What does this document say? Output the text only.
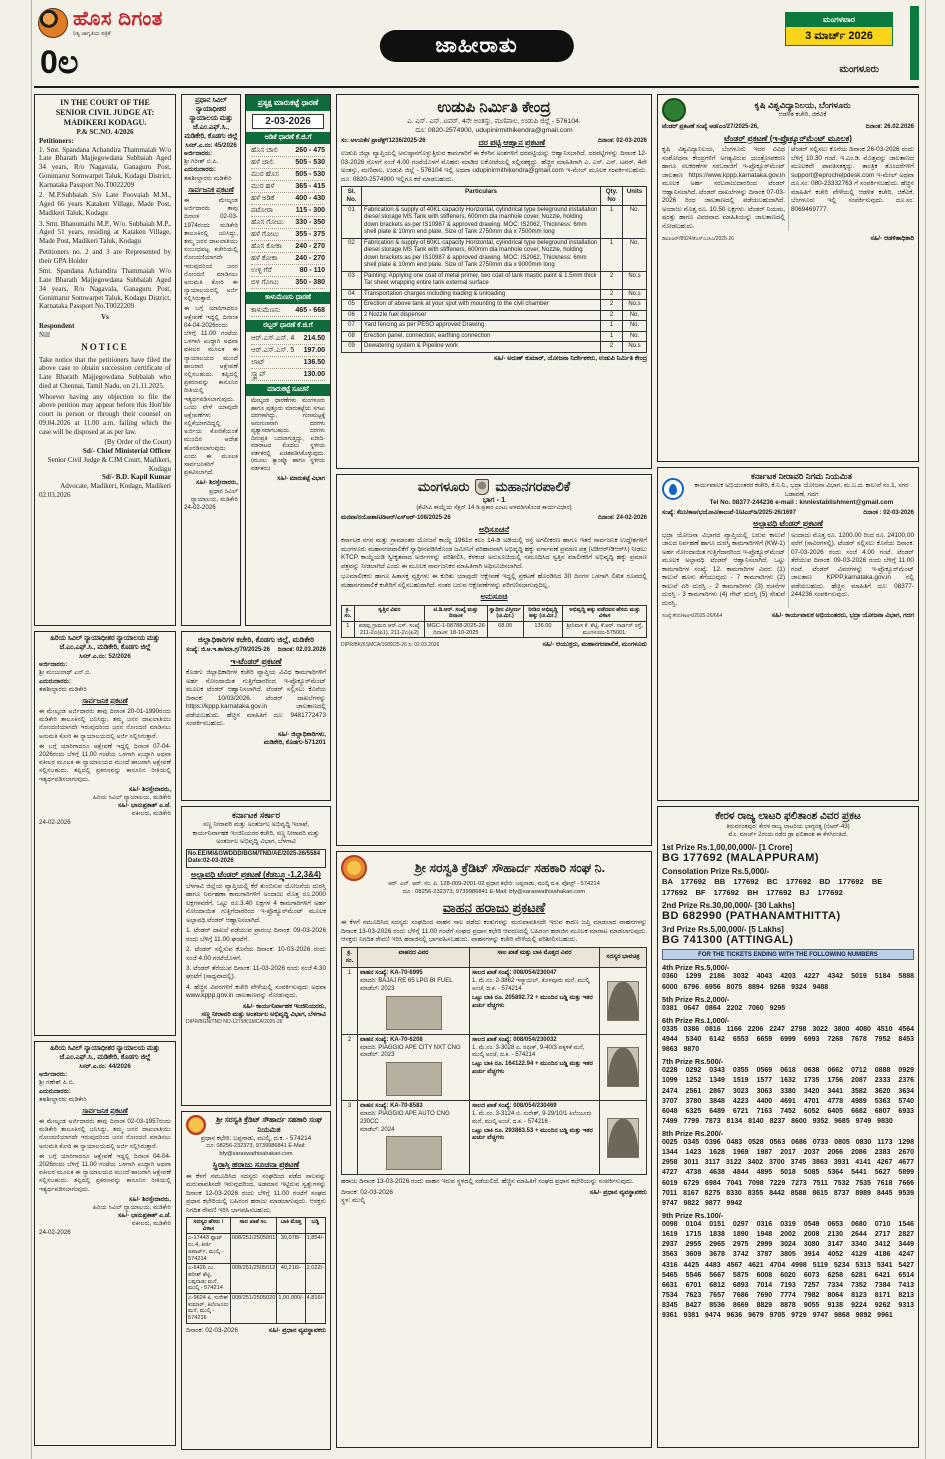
ಹೊಸ ದಿಗಂತ
ನಿತ್ಯ ಜಾಗೃತಿಯ ಪತ್ರಿಕೆ
0ಲ	ಜಾಹೀರಾತು
ಮಂಗಳವಾರ
3 ಮಾರ್ಚ್ 2026
ಮಂಗಳೂರು
IN THE COURT OF THE
SENIOR CIVIL JUDGE AT:
MADIKERI KODAGU.
P.& SC.NO. 4/2026
Petitioners:

1. Smt. Spandana Achandira Thammaiah W/o Late Bharath Majjegowdana Subbaiah Aged 34 years, R/o Nagavala, Ganaguru Post, Gonimarur Somwarpet Taluk, Kodagu District, Karnataka Passport No.T0022209

2. M.P.Subbaiah S/o Late Poovaiah M.M., Aged 66 years Kataken Village, Made Post, Madikeri Taluk, Kodagu

3. Smt. Bhanumathi M.P., W/o. Subbaiah M.P., Aged 51 years, residing at Kataken Village, Made Post, Madikeri Taluk, Kodagu

Petitioners no. 2 and 3 are Represented by their GPA Holder

Smt. Spandana Achandira Thammaiah W/o Late Bharath Majjegowdana Subbaiah Aged 34 years, R/o Nagavala, Ganaguru Post, Gonimarur Somwarpet Taluk, Kodagu District, Karnataka Passport No.T0022209

Vs
Respondent
Nill
NOTICE

Take notice that the petitioners have filed the above case to obtain succession certificate of Late Bharath Majjegowdana Subbaiah who died at Chennai, Tamil Nadu, on 21.11.2025.

Whoever having any objection to file the above petition may appear before this Hon'ble court in person or through their counsel on 09.04.2026 at 11.00 a.m. failing which the case will be disposed at as per law.

(By Order of the Court)
Sd/- Chief Ministerial Officer
Senior Civil Judge & CJM Court, Madikeri, Kodagu
Sd/- B.D. Kapil Kumar
Advocate, Madikeri, Kodagu, Madikeri
02.03.2026
ಹಿರಿಯ ಸಿವಿಲ್ ನ್ಯಾಯಾಧೀಶರ ನ್ಯಾಯಾಲಯ ಮತ್ತು ಜೆ.ಎಂ.ಎಫ್.ಸಿ., ಮಡಿಕೇರಿ, ಕೊಡಗು ಜಿಲ್ಲೆ
ಸಿಸರ್.ಎ.ನಂ: 52/2026
ಅರ್ಜಿದಾರರು:
ಶ್ರೀ ಮಂಜುನಾಥ್ ಎನ್.ಬಿ.
ಎದುರುದಾರರು:
ತಹಶೀಲ್ದಾರರು ಮಡಿಕೇರಿ
ಸಾರ್ವಜನಿಕ ಪ್ರಕಟಣೆ

ಈ ಮೇಲ್ಕಂಡ ಅರ್ಜಿದಾರರು ತಾವು ದಿನಾಂಕ 20-01-1990ರಂದು ಮಡಿಕೇರಿ ತಾಲೂಕಿನಲ್ಲಿ ಜನಿಸಿದ್ದು, ತಮ್ಮ ಜನನ ದಾಖಲಾತಿಯು ನೋಂದಣಿಯಾಗದೇ ಇರುವುದರಿಂದ ಜನನ ನೋಂದಣಿ ಮಾಡಿಸಲು ಅನುಮತಿ ಕೋರಿ ಈ ನ್ಯಾಯಾಲಯದಲ್ಲಿ ಅರ್ಜಿ ಸಲ್ಲಿಸಿರುತ್ತಾರೆ.

ಈ ಬಗ್ಗೆ ಯಾರಿಗಾದರೂ ಆಕ್ಷೇಪಣೆ ಇದ್ದಲ್ಲಿ ದಿನಾಂಕ 07-04-2026ರಂದು ಬೆಳಿಗ್ಗೆ 11.00 ಗಂಟೆಯ ಒಳಗಾಗಿ ಖುದ್ದಾಗಿ ಅಥವಾ ವಕೀಲರ ಮೂಲಕ ಈ ನ್ಯಾಯಾಲಯದ ಮುಂದೆ ಹಾಜರಾಗಿ ಆಕ್ಷೇಪಣೆ ಸಲ್ಲಿಸಬಹುದು. ತಪ್ಪಿದಲ್ಲಿ ಪ್ರಕರಣವನ್ನು ಕಾನೂನಿನ ರೀತಿಯಲ್ಲಿ ಇತ್ಯರ್ಥಪಡಿಸಲಾಗುವುದು.

ಸಹಿ/- ಶಿರಸ್ತೇದಾರರು,
ಹಿರಿಯ ಸಿವಿಲ್ ನ್ಯಾಯಾಲಯ, ಮಡಿಕೇರಿ
ಸಹಿ/- ಭಾನುಪ್ರಕಾಶ್ ಎ.ಜೆ.
ವಕೀಲರು, ಮಡಿಕೇರಿ
24-02-2026
ಹಿರಿಯ ಸಿವಿಲ್ ನ್ಯಾಯಾಧೀಶರ ನ್ಯಾಯಾಲಯ ಮತ್ತು ಜೆ.ಎಂ.ಎಫ್.ಸಿ., ಮಡಿಕೇರಿ, ಕೊಡಗು ಜಿಲ್ಲೆ
ಸಿಸರ್.ಎ.ನಂ: 44/2026
ಅರ್ಜಿದಾರರು:
ಶ್ರೀ ಗಣೇಶ್ ಪಿ.ಬಿ.
ಎದುರುದಾರರು:
ತಹಶೀಲ್ದಾರರು ಮಡಿಕೇರಿ
ಸಾರ್ವಜನಿಕ ಪ್ರಕಟಣೆ

ಈ ಮೇಲ್ಕಂಡ ಅರ್ಜಿದಾರರು ತಾವು ದಿನಾಂಕ 02-03-1957ರಂದು ಮಡಿಕೇರಿ ತಾಲೂಕಿನಲ್ಲಿ ಜನಿಸಿದ್ದು, ತಮ್ಮ ಜನನ ದಾಖಲಾತಿಯು ನೋಂದಣಿಯಾಗದೇ ಇರುವುದರಿಂದ ಜನನ ನೋಂದಣಿ ಮಾಡಿಸಲು ಅನುಮತಿ ಕೋರಿ ಈ ನ್ಯಾಯಾಲಯದಲ್ಲಿ ಅರ್ಜಿ ಸಲ್ಲಿಸಿರುತ್ತಾರೆ.

ಈ ಬಗ್ಗೆ ಯಾರಿಗಾದರೂ ಆಕ್ಷೇಪಣೆ ಇದ್ದಲ್ಲಿ ದಿನಾಂಕ 04-04-2026ರಂದು ಬೆಳಿಗ್ಗೆ 11.00 ಗಂಟೆಯ ಒಳಗಾಗಿ ಖುದ್ದಾಗಿ ಅಥವಾ ವಕೀಲರ ಮೂಲಕ ಈ ನ್ಯಾಯಾಲಯದ ಮುಂದೆ ಹಾಜರಾಗಿ ಆಕ್ಷೇಪಣೆ ಸಲ್ಲಿಸಬಹುದು. ತಪ್ಪಿದಲ್ಲಿ ಪ್ರಕರಣವನ್ನು ಕಾನೂನಿನ ರೀತಿಯಲ್ಲಿ ಇತ್ಯರ್ಥಪಡಿಸಲಾಗುವುದು.

ಸಹಿ/- ಶಿರಸ್ತೇದಾರರು,
ಹಿರಿಯ ಸಿವಿಲ್ ನ್ಯಾಯಾಲಯ, ಮಡಿಕೇರಿ
ಸಹಿ/- ಭಾನುಪ್ರಕಾಶ್ ಎ.ಜೆ.
ವಕೀಲರು, ಮಡಿಕೇರಿ
24-02-2026
ಪ್ರಧಾನ ಸಿವಿಲ್ ನ್ಯಾಯಾಧೀಶರ ನ್ಯಾಯಾಲಯ ಮತ್ತು ಜೆ.ಎಂ.ಎಫ್.ಸಿ., ಮಡಿಕೇರಿ, ಕೊಡಗು ಜಿಲ್ಲೆ
ಸಿಸರ್.ಎ.ನಂ: 45/2026
ಅರ್ಜಿದಾರರು:
ಶ್ರೀ ಗಿರೀಶ್ ಬಿ.ಪಿ.
ಎದುರುದಾರರು:
ತಹಶೀಲ್ದಾರರು ಮಡಿಕೇರಿ
ಸಾರ್ವಜನಿಕ ಪ್ರಕಟಣೆ

ಈ ಮೇಲ್ಕಂಡ ಅರ್ಜಿದಾರರು ತಾವು ದಿನಾಂಕ 02-03-1974ರಂದು ಮಡಿಕೇರಿ ತಾಲೂಕಿನಲ್ಲಿ ಜನಿಸಿದ್ದು, ತಮ್ಮ ಜನನ ದಾಖಲಾತಿಯು ಸಂಬಂಧಪಟ್ಟ ಕಚೇರಿಯಲ್ಲಿ ನೋಂದಣಿಯಾಗದೇ ಇರುವುದರಿಂದ ಜನನ ನೋಂದಣಿ ಮಾಡಿಸಲು ಅನುಮತಿ ಕೋರಿ ಈ ನ್ಯಾಯಾಲಯದಲ್ಲಿ ಅರ್ಜಿ ಸಲ್ಲಿಸಿರುತ್ತಾರೆ.

ಈ ಬಗ್ಗೆ ಯಾರಿಗಾದರೂ ಆಕ್ಷೇಪಣೆ ಇದ್ದಲ್ಲಿ ದಿನಾಂಕ 04-04-2026ರಂದು ಬೆಳಿಗ್ಗೆ 11.00 ಗಂಟೆಯ ಒಳಗಾಗಿ ಖುದ್ದಾಗಿ ಅಥವಾ ವಕೀಲರ ಮೂಲಕ ಈ ನ್ಯಾಯಾಲಯದ ಮುಂದೆ ಹಾಜರಾಗಿ ಆಕ್ಷೇಪಣೆ ಸಲ್ಲಿಸಬಹುದು. ತಪ್ಪಿದಲ್ಲಿ ಪ್ರಕರಣವನ್ನು ಕಾನೂನಿನ ರೀತಿಯಲ್ಲಿ ಇತ್ಯರ್ಥಪಡಿಸಲಾಗುವುದು. ಒಂದು ವೇಳೆ ಯಾವುದೇ ಆಕ್ಷೇಪಣೆಗಳು ಸಲ್ಲಿಕೆಯಾಗದಿದ್ದಲ್ಲಿ ಅರ್ಜಿಯ ಕೋರಿಕೆಯಂತೆ ಮುಂದಿನ ಆದೇಶ ಹೊರಡಿಸಲಾಗುವುದು ಎಂದು ಈ ಮೂಲಕ ಸಾರ್ವಜನಿಕರಿಗೆ ಪ್ರಕಟಿಸಲಾಗಿದೆ.

ಸಹಿ/- ಶಿರಸ್ತೇದಾರರು,
ಪ್ರಧಾನ ಸಿವಿಲ್ ನ್ಯಾಯಾಲಯ, ಮಡಿಕೇರಿ
24-02-2026
ಪ್ರತ್ಯಕ್ಷ ಮಾರುಕಟ್ಟೆ ಧಾರಣೆ
2-03-2026
ಅಡಿಕೆ ಧಾರಣೆ ಕೆ.ಜಿ.ಗೆ
ಹೊಸ ಚಾಲಿ 260 - 475
ಹಳೆ ಚಾಲಿ	505 - 530
ಮುರ ಹೊಸ 505 - 530
ಮುರ ಹಳೆ	365 - 415
ಹಳೆ ಅಡಿಕೆ	400 - 430
ಪಟೋರಾ	115 - 300
ಹೊಸ ಗೋಟು 330 - 350
ಹಳೆ ಗೋಟು 355 - 375
ಹೊಸ ಕೋಕಾ 240 - 270
ಹಳೆ ಕೋಕಾ	240 - 270
ಉಳ್ಳಿ ಗೆರೆ	80 - 110
ಬಿಳಿ ಗೋಟು 350 - 380
ಕಾಳುಮೆಣಸು ಧಾರಣೆ
ಕಾಳುಮೆಣಸು 465 - 668
ರಬ್ಬರ್ ಧಾರಣೆ ಕೆ.ಜಿ.ಗೆ
ಆರ್.ಎಸ್.ಎಸ್. 4 214.50
ಆರ್.ಎಸ್.ಎಸ್. 5 197.00
ಲಾಟ್	136.50
ಸ್ಕ್ರ್ಯಾಪ್	130.00
ಮಾರುಕಟ್ಟೆ ಸೂಚನೆ
ಮೇಲ್ಕಂಡ ಧಾರಣೆಗಳು ಮಂಗಳೂರು ಹಾಗೂ ಪುತ್ತೂರು ಮಾರುಕಟ್ಟೆಯ ಸಗಟು ದರಗಳಾಗಿದ್ದು, ಗುಣಮಟ್ಟಕ್ಕೆ ಅನುಗುಣವಾಗಿ ದರಗಳು ವ್ಯತ್ಯಾಸವಾಗಬಹುದು. ದರಗಳು ದಿನಂಪ್ರತಿ ಬದಲಾಗುತ್ತಿದ್ದು, ಖರೀದಿ-ಮಾರಾಟದ ಮೊದಲು ಸ್ಥಳೀಯ ವರ್ತಕರಲ್ಲಿ ಖಚಿತಪಡಿಸಿಕೊಳ್ಳುವುದು. (ಮೂಲ: ಕ್ಯಾಂಪ್ಕೊ ಹಾಗೂ ಸ್ಥಳೀಯ ವರ್ತಕರು)
ಸಹಿ/- ಮಾರುಕಟ್ಟೆ ವಿಭಾಗ
ಜಿಲ್ಲಾಧಿಕಾರಿಗಳ ಕಚೇರಿ, ಕೊಡಗು ಜಿಲ್ಲೆ, ಮಡಿಕೇರಿ
ಸಂಖ್ಯೆ: ಜಿ.ಆ.ಇ.ಶಾ/ಮಾ.ಗ್ರ/79/2025-26 ದಿನಾಂಕ: 02.03.2026
ಇ-ಟೆಂಡರ್ ಪ್ರಕಟಣೆ

ಕೊಡಗು ಜಿಲ್ಲಾಧಿಕಾರಿಗಳ ಕಚೇರಿ ವ್ಯಾಪ್ತಿಯ ವಿವಿಧ ಕಾಮಗಾರಿಗಳಿಗೆ ಅರ್ಹ ನೋಂದಾಯಿತ ಗುತ್ತಿಗೆದಾರರಿಂದ ಇ-ಪ್ರೊಕ್ಯೂರ್‌ಮೆಂಟ್ ಮೂಲಕ ಟೆಂಡರ್ ಆಹ್ವಾನಿಸಲಾಗಿದೆ. ಟೆಂಡರ್ ಸಲ್ಲಿಸಲು ಕೊನೆಯ ದಿನಾಂಕ: 10/03/2026. ಟೆಂಡರ್ ದಾಖಲೆಗಳನ್ನು https://kppp.karnataka.gov.in ಜಾಲತಾಣದಲ್ಲಿ ಪಡೆಯಬಹುದು. ಹೆಚ್ಚಿನ ಮಾಹಿತಿಗೆ ದೂ: 9481772473 ಸಂಪರ್ಕಿಸಬಹುದು.

ಸಹಿ/- ಜಿಲ್ಲಾಧಿಕಾರಿಗಳು,
ಮಡಿಕೇರಿ, ಕೊಡಗು-571201
ಕರ್ನಾಟಕ ಸರ್ಕಾರ
ಸಣ್ಣ ನೀರಾವರಿ ಮತ್ತು ಅಂತರ್ಜಲ ಅಭಿವೃದ್ಧಿ ಇಲಾಖೆ, ಕಾರ್ಯನಿರ್ವಾಹಕ ಇಂಜಿನಿಯರರ ಕಚೇರಿ, ಸಣ್ಣ ನೀರಾವರಿ ಮತ್ತು ಅಂತರ್ಜಲ ಅಭಿವೃದ್ಧಿ ವಿಭಾಗ, ಬೆಳಗಾವಿ
No.EE/MI&GWDDD/BGM/TND/AE/2025-26/5584 Date:02-03-2026
ಅಲ್ಪಾವಧಿ ಟೆಂಡರ್ ಪ್ರಕಟಣೆ (ಕೆಡಬ್ಲ್ಯೂ-1,2,3&4)

ಬೆಳಗಾವಿ ಜಿಲ್ಲೆಯ ವ್ಯಾಪ್ತಿಯಲ್ಲಿ ಕೆರೆ ತುಂಬಿಸುವ ಯೋಜನೆಯ ದುರಸ್ತಿ ಹಾಗೂ ನಿರ್ವಹಣಾ ಕಾಮಗಾರಿಗಳಿಗೆ ಅಂದಾಜು ಮೊತ್ತ ರೂ.2000 ಲಕ್ಷಗಳವರೆಗೆ, ಒಟ್ಟು ರೂ.3.40 ಲಕ್ಷಗಳ 4 ಕಾಮಗಾರಿಗಳಿಗೆ ಅರ್ಹ ನೋಂದಾಯಿತ ಗುತ್ತಿಗೆದಾರರಿಂದ ಇ-ಪ್ರೊಕ್ಯೂರ್‌ಮೆಂಟ್ ಮೂಲಕ ಅಲ್ಪಾವಧಿ ಟೆಂಡರ್ ಆಹ್ವಾನಿಸಲಾಗಿದೆ.

1. ಟೆಂಡರ್ ದಾಖಲೆ ಪಡೆಯುವ ಪ್ರಾರಂಭ ದಿನಾಂಕ: 09-03-2026 ರಂದು ಬೆಳಿಗ್ಗೆ 11.00 ಘಂಟೆಗೆ.

2. ಟೆಂಡರ್ ಸಲ್ಲಿಸುವ ಕೊನೆಯ ದಿನಾಂಕ: 10-03-2026 ರಂದು ಸಂಜೆ 4.00 ಗಂಟೆಯೊಳಗೆ.

3. ಟೆಂಡರ್ ತೆರೆಯುವ ದಿನಾಂಕ: 11-03-2026 ರಂದು ಸಂಜೆ 4.30 ಘಂಟೆಗೆ (ಸಾಧ್ಯವಾದಲ್ಲಿ).

4. ಹೆಚ್ಚಿನ ವಿವರಗಳಿಗೆ ಕಚೇರಿ ವೇಳೆಯಲ್ಲಿ ಸಂಪರ್ಕಿಸುವುದು ಅಥವಾ www.kppp.gov.in ಜಾಲತಾಣವನ್ನು ನೋಡುವುದು.

ಸಹಿ/- ಕಾರ್ಯನಿರ್ವಾಹಕ ಇಂಜಿನಿಯರರು,
ಸಣ್ಣ ನೀರಾವರಿ ಮತ್ತು ಅಂತರ್ಜಲ ಅಭಿವೃದ್ಧಿ ವಿಭಾಗ, ಬೆಳಗಾವಿ
DIPR/BGN/TND NO-1279/KSMCA/2025-26
ಶ್ರೀ ಸರಸ್ವತಿ ಕ್ರೆಡಿಟ್ ಸೌಹಾರ್ದ ಸಹಕಾರಿ ಸಂಘ ನಿಯಮಿತ
ಪ್ರಧಾನ ಕಛೇರಿ: ಬಪ್ಪನಾಡು, ಮುಲ್ಕಿ, ದ.ಕ. - 574214
ದೂ: 08256-232373, 9739986841 E-Mail: bfy@saraswathisahakari.com
ಸ್ಥಿರಾಸ್ತಿ ಹರಾಜು ಸೂಚನಾ ಪ್ರಕಟಣೆ

ಈ ಕೆಳಗೆ ನಮೂದಿಸಿದ ಸದಸ್ಯರು ಸಂಘದಿಂದ ಪಡೆದ ಸಾಲವನ್ನು ಮರುಪಾವತಿಸದೇ ಇರುವುದರಿಂದ, ಅಡಮಾನ ಇಟ್ಟಿರುವ ಸ್ವತ್ತುಗಳನ್ನು ದಿನಾಂಕ 12-03-2026 ರಂದು ಬೆಳಿಗ್ಗೆ 11.00 ಗಂಟೆಗೆ ಸಂಘದ ಪ್ರಧಾನ ಕಛೇರಿಯಲ್ಲಿ ಬಹಿರಂಗ ಹರಾಜು ಮಾಡಲಾಗುವುದು. ಆಸಕ್ತರು ನಿಗದಿತ ಠೇವಣಿ ಇರಿಸಿ ಭಾಗವಹಿಸಬಹುದು.

ಸದಸ್ಯರ ಹೆಸರು / ವಿಳಾಸ	ಸಾಲ ಖಾತೆ ಸಂ.	ಬಾಕಿ ಮೊತ್ತ	ಬಡ್ಡಿ
ಎ-17443 ಫ್ಲಾಟ್ ನಂ.4, ಕೀರ್ತಿ ಅಪಾರ್ಟ್, ಮುಲ್ಕಿ - 574214	008/251/2505001	30,078/-	1,854/-
ಎ-6426 ಎಂ. ಹರೀಶ್ ಶೆಟ್ಟಿ, ಬಪ್ಪನಾಡು ಮನೆ, ಮುಲ್ಕಿ - 574214	008/251/2505012	40,216/-	2,022/-
ಎ-9624 ಪಿ. ಸುರೇಶ್ ಕುಮಾರ್, ಕಿಲೆಂಜೂರು ಮನೆ, ಮುಲ್ಕಿ - 574216	008/251/2505020	1,00,000/-	4,816/-
ದಿನಾಂಕ: 02-03-2026	ಸಹಿ/- ಪ್ರಧಾನ ವ್ಯವಸ್ಥಾಪಕರು
ಉಡುಪಿ ನಿರ್ಮಿತಿ ಕೇಂದ್ರ
ಎ. ಎಸ್. ಎನ್. ಟವರ್, 4ನೇ ಅಂತಸ್ತು, ಮಣಿಪಾಲ, ಉಡುಪಿ ಜಿಲ್ಲೆ - 576104.
ದೂ: 0820-2574900, udupinirmithikendra@gmail.com
ಸಂ: ಅಉನಿಕೇ/ ಪ್ರಾಜೆಕ್ಟ್/1236/2025-26	ದರ ಪಟ್ಟಿ ಆಹ್ವಾನ ಪ್ರಕಟಣೆ	ದಿನಾಂಕ: 02-03-2026

ಉಡುಪಿ ಜಿಲ್ಲಾ ವ್ಯಾಪ್ತಿಯಲ್ಲಿ ಅನುಷ್ಠಾನಗೊಳ್ಳುತ್ತಿರುವ ಕಾಮಗಾರಿಗೆ ಈ ಕೆಳಗಿನ ಅಂಶಗಳಿಗೆ ದರಪಟ್ಟಿಯನ್ನು ಆಹ್ವಾನಿಸಲಾಗಿದೆ. ದರಪಟ್ಟಿಗಳನ್ನು ದಿನಾಂಕ 12-03-2026 ರೊಳಗೆ ಸಂಜೆ 4.00 ಗಂಟೆಯೊಳಗೆ ಮೊಹರು ಮಾಡಿದ ಲಕೋಟೆಯಲ್ಲಿ ಸಲ್ಲಿಸತಕ್ಕದ್ದು. ಹೆಚ್ಚಿನ ಮಾಹಿತಿಗಾಗಿ ಎ. ಎಸ್. ಎನ್. ಟವರ್, 4ನೇ ಅಂತಸ್ತು, ಮಣಿಪಾಲ, ಉಡುಪಿ ಜಿಲ್ಲೆ - 576104 ಇಲ್ಲಿ ಅಥವಾ udupinirmithikendra@gmail.com ಇ-ಮೇಲ್ ಮೂಲಕ ಸಂಪರ್ಕಿಸಬಹುದು. ದೂ: 0820-2574900 ಇಲ್ಲಿಗೂ ಕರೆ ಮಾಡಬಹುದು.

Sl. No.	Particulars	Qty. No	Units
01	Fabrication & supply of 40KL capacity Horizontal, cylindrical type beleground installation diesel storage MS Tank with stiffeners, 600mm dia manhole cover, Nozzle, holding down brackets as per IS10987 & approved drawing. MOC: IS2062, Thickness: 6mm shell plate & 10mm end plate. Size of Tank 2750mm dia x 7500mm long	1	No.
02	Fabrication & supply of 60KL capacity Horizontal, cylindrical type beleground installation diesel storage MS Tank with stiffeners, 600mm dia manhole cover, Nozzle, holding down brackets as per IS10987 & approved drawing. MOC: IS2062, Thickness: 6mm shell plate & 10mm end plate. Size of Tank 2750mm dia x 9000mm long	1	No.
03	Painting: Applying one coat of metal primer, two coat of tank mastic paint & 1.5mm thick Tar sheet wrapping entire tank external surface	2	No.s
04	Transportation charges including loading & unloading	2	No.s
05	Erection of above tank at your spot with mounting to the civil chamber	2	No.s
06	2 Nozzle fuel dispenser	2	No.
07	Yard fencing as per PESO approved Drawing	1	No.
08	Erection panel, connection, earthing connection	1	No.
09	Dewatering system & Pipeline work	2	No.s
ಸಹಿ/- ಅರುಣ್ ಕುಮಾರ್, ಯೋಜನಾ ನಿರ್ದೇಶಕರು, ಉಡುಪಿ ನಿರ್ಮಿತಿ ಕೇಂದ್ರ
ಮಂಗಳೂರು ಮಹಾನಗರಪಾಲಿಕೆ
ಭಾಗ - 1
(ಕೆಟಿಸಿಪಿ ಕಾಯ್ದೆಯ ಸೆಕ್ಷನ್ 14 ಡಿ ಪ್ರಕಾರ ಎಂಟು ಅಳವಡಿಸಿಕೊಂಡ ಕಾರ್ಯವಿಧಾನ)
ಮನಪಾ/ನಯೋಶಾ/ಟಿಡಿಆರ್/ಎಸ್‌ಆರ್-108/2025-26	ದಿನಾಂಕ: 24-02-2026
ಅಧಿಸೂಚನೆ

ಕರ್ನಾಟಕ ನಗರ ಮತ್ತು ಗ್ರಾಮಾಂತರ ಯೋಜನೆ ಕಾಯ್ದೆ 1961ರ ಕಲಂ 14-ಡಿ ಅಡಿಯಲ್ಲಿ ರಸ್ತೆ ಅಗಲೀಕರಣ ಹಾಗೂ ಇತರೆ ಸಾರ್ವಜನಿಕ ಉದ್ದೇಶಗಳಿಗೆ ಮಂಗಳೂರು ಮಹಾನಗರಪಾಲಿಕೆಗೆ ಸ್ವಾಧೀನಪಡಿಸಿಕೊಂಡ ಜಮೀನಿಗೆ ಪರಿಹಾರವಾಗಿ ಅಭಿವೃದ್ಧಿ ಹಕ್ಕು ವರ್ಗಾವಣೆ ಪ್ರಮಾಣ ಪತ್ರ (ಟಿಡಿಆರ್/ಡಿಆರ್‌ಸಿ) ನೀಡಲು KTCP ಕಾಯ್ದೆಯಡಿ ಸ್ವೀಕೃತವಾದ ಅರ್ಜಿಗಳನ್ನು ಪರಿಶೀಲಿಸಿ, ಕೆಳಕಂಡ ಅನುಸೂಚಿಯಲ್ಲಿ ನಮೂದಿಸಿದ ಸ್ವತ್ತಿನ ಮಾಲೀಕರಿಗೆ ಅಭಿವೃದ್ಧಿ ಹಕ್ಕು ಪ್ರಮಾಣ ಪತ್ರವನ್ನು ನೀಡಲಾಗಿದೆ ಎಂದು ಈ ಮೂಲಕ ಸಾರ್ವಜನಿಕರ ಮಾಹಿತಿಗಾಗಿ ಅಧಿಸೂಚಿಸಲಾಗಿದೆ.

ಭೂಮಾಲೀಕರು ಹಾಗೂ ಹಿತಾಸಕ್ತ ವ್ಯಕ್ತಿಗಳು ಈ ಕುರಿತು ಯಾವುದೇ ಆಕ್ಷೇಪಣೆ ಇದ್ದಲ್ಲಿ ಪ್ರಕಟಣೆ ಹೊರಡಿಸಿದ 30 ದಿನಗಳ ಒಳಗಾಗಿ ಲಿಖಿತ ರೂಪದಲ್ಲಿ ಮಹಾನಗರಪಾಲಿಕೆ ಕಚೇರಿಗೆ ಸಲ್ಲಿಸಬಹುದಾಗಿದೆ. ನಂತರ ಬರುವ ಆಕ್ಷೇಪಣೆಗಳನ್ನು ಪರಿಗಣಿಸಲಾಗುವುದಿಲ್ಲ.

ಅನುಸೂಚಿ
ಕ್ರ. ಸಂ.	ಸ್ವತ್ತಿನ ವಿವರ	ಟಿ.ಡಿ.ಆರ್. ಸಂಖ್ಯೆ ಮತ್ತು ದಿನಾಂಕ	ಸ್ವಾಧೀನ ವಿಸ್ತೀರ್ಣ (ಚ.ಮೀ.)	ನೀಡಿದ ಅಭಿವೃದ್ಧಿ ಹಕ್ಕು (ಚ.ಮೀ.)	ಅಭಿವೃದ್ಧಿ ಹಕ್ಕು ಪಡೆದವರ ಹೆಸರು ಮತ್ತು ವಿಳಾಸ
1	ಪಡವು ಗ್ರಾಮದ ಆರ್.ಎಸ್. ಸಂಖ್ಯೆ 211-2ಎ(ಪಿ1), 211-2ಎ(ಪಿ2)	MGC-1-08788-2025-26 ದಿನಾಂಕ: 18-10-2025	68.00	136.00	ಶ್ರೀನಿವಾಸ ಕೆ. ಶೆಟ್ಟಿ, ಕೆ.ಆರ್. ಗಾರ್ಡನ್ ರಸ್ತೆ, ಮಂಗಳೂರು-575001.
DIPR/BK/KSMCA/1689/25-26 ದಿ: 02.03.2026	ಸಹಿ/- ಆಯುಕ್ತರು, ಮಹಾನಗರಪಾಲಿಕೆ, ಮಂಗಳೂರು
ಶ್ರೀ ಸರಸ್ವತಿ ಕ್ರೆಡಿಟ್ ಸೌಹಾರ್ದ ಸಹಕಾರಿ ಸಂಘ ನಿ.
ಆರ್. ಎನ್. ಆರ್. ನಂ. ಪಿ. 128-009-2001-02 ಪ್ರಧಾನ ಕಛೇರಿ: ಬಪ್ಪನಾಡು, ಮುಲ್ಕಿ ದ.ಕ. ಪೋಸ್ಟ್ - 574214
ದೂ : 08256-232373, 9739986841 E-Mail: bfy@saraswathisahakari.com
ವಾಹನ ಹರಾಜು ಪ್ರಕಟಣೆ

ಈ ಕೆಳಗೆ ನಮೂದಿಸಿದ ಸದಸ್ಯರು ಸಂಘದಿಂದ ವಾಹನ ಸಾಲ ಪಡೆದು ಕಂತುಗಳನ್ನು ಮರುಪಾವತಿಸದೇ ಇರುವ ಕಾರಣ ಜಪ್ತಿ ಮಾಡಲಾದ ವಾಹನಗಳನ್ನು ದಿನಾಂಕ 13-03-2026 ರಂದು ಬೆಳಿಗ್ಗೆ 11.00 ಗಂಟೆಗೆ ಸಂಘದ ಪ್ರಧಾನ ಕಛೇರಿ ಆವರಣದಲ್ಲಿ ಬಹಿರಂಗ ಹರಾಜಿನ ಮೂಲಕ ಮಾರಾಟ ಮಾಡಲಾಗುವುದು. ಆಸಕ್ತರು ನಿಗದಿತ ಠೇವಣಿ ಇರಿಸಿ ಹರಾಜಿನಲ್ಲಿ ಭಾಗವಹಿಸಬಹುದು. ವಾಹನಗಳನ್ನು ಕಚೇರಿ ವೇಳೆಯಲ್ಲಿ ಪರಿಶೀಲಿಸಬಹುದು.

ಕ್ರ. ಸಂ.
ವಾಹನದ ವಿವರ	ಸಾಲ ಖಾತೆ ಮತ್ತು ಬಾಕಿ ಮೊತ್ತದ ವಿವರ
ಸದಸ್ಯರ ಭಾವಚಿತ್ರ
1	ವಾಹನ ಸಂಖ್ಯೆ: KA-70-6995
ಮಾದರಿ: BAJAJ RE 65 LPG BI FUEL
ಮಾಡೆಲ್: 2023
ಸಾಲದ ಖಾತೆ ಸಂಖ್ಯೆ: 008/054/230047
1. ಮೆ.ನಂ. 2-3862 ಇಸ್ಮಾಯಿಲ್, ಕೊಳವೂರು ಮನೆ, ಮುಲ್ಕಿ ಅಂಚೆ, ದ.ಕ. - 574214
ಒಟ್ಟು ಬಾಕಿ ರೂ. 205892.72 + ಮುಂದಿನ ಬಡ್ಡಿ ಮತ್ತು ಇತರ ಖರ್ಚು ವೆಚ್ಚಗಳು
2	ವಾಹನ ಸಂಖ್ಯೆ: KA-70-6208
ಮಾದರಿ: PIAGGIO APE CITY NXT CNG
ಮಾಡೆಲ್: 2023
ಸಾಲದ ಖಾತೆ ಸಂಖ್ಯೆ: 008/054/230032
1. ಮೆ.ನಂ. 3-3028 ಎ. ರಫೀಕ್, 9-40/3 ಪಕ್ಕಳಿಕೆ ಮನೆ, ಮುಲ್ಕಿ ಅಂಚೆ, ದ.ಕ. - 574214
ಒಟ್ಟು ಬಾಕಿ ರೂ. 164122.94 + ಮುಂದಿನ ಬಡ್ಡಿ ಮತ್ತು ಇತರ ಖರ್ಚು ವೆಚ್ಚಗಳು
3	ವಾಹನ ಸಂಖ್ಯೆ: KA-70-8583
ಮಾದರಿ: PIAGGIO APE AUTO CNG 230CC
ಮಾಡೆಲ್: 2024
ಸಾಲದ ಖಾತೆ ಸಂಖ್ಯೆ: 008/054/230469
1. ಮೆ.ನಂ. 3-3124 ಬಿ. ಸುರೇಶ್, 9-29/10/1 ಕಿಲೆಂಜೂರು ಮನೆ, ಮುಲ್ಕಿ ಅಂಚೆ, ದ.ಕ. - 574216
ಒಟ್ಟು ಬಾಕಿ ರೂ. 293863.53 + ಮುಂದಿನ ಬಡ್ಡಿ ಮತ್ತು ಇತರ ಖರ್ಚು ವೆಚ್ಚಗಳು

ಹರಾಜು ದಿನಾಂಕ 13-03-2026 ರಂದು ವಾಹನ ಇರುವ ಸ್ಥಳದಲ್ಲಿ ನಡೆಯಲಿದೆ. ಹೆಚ್ಚಿನ ಮಾಹಿತಿಗೆ ಸಂಘದ ಪ್ರಧಾನ ಕಛೇರಿಯನ್ನು ಸಂಪರ್ಕಿಸುವುದು.

ದಿನಾಂಕ: 02-03-2026
ಸ್ಥಳ: ಮುಲ್ಕಿ
ಸಹಿ/- ಪ್ರಧಾನ ವ್ಯವಸ್ಥಾಪಕರು
ಕೃಷಿ ವಿಶ್ವವಿದ್ಯಾನಿಲಯ, ಬೆಂಗಳೂರು
ಆಡಳಿತ ಕಚೇರಿ, ಜಿಕೆವಿಕೆ
ಟೆಂಡರ್ ಪ್ರಕಟಣೆ ಸಂಖ್ಯೆ ಆಡ/ಎಂ/27/2025-26,	ದಿನಾಂಕ: 26.02.2026
ಟೆಂಡರ್ ಪ್ರಕಟಣೆ (ಇ-ಪ್ರೊಕ್ಯೂರ್‌ಮೆಂಟ್ ಮೂಲಕ)

ಕೃಷಿ ವಿಶ್ವವಿದ್ಯಾನಿಲಯ, ಬೆಂಗಳೂರು ಇದರ ವಿವಿಧ ಸಂಶೋಧನಾ ಕೇಂದ್ರಗಳಿಗೆ ಅಗತ್ಯವಿರುವ ಯಂತ್ರೋಪಕರಣ ಹಾಗೂ ಸಲಕರಣೆಗಳ ಸರಬರಾಜಿಗೆ ಇ-ಪ್ರೊಕ್ಯೂರ್‌ಮೆಂಟ್ ಜಾಲತಾಣ https://www.kppp.karnataka.gov.in ಮೂಲಕ ಅರ್ಹ ಸರಬರಾಜುದಾರರಿಂದ ಟೆಂಡರ್ ಆಹ್ವಾನಿಸಲಾಗಿದೆ. ಟೆಂಡರ್ ದಾಖಲೆಗಳನ್ನು ದಿನಾಂಕ 07-03-2026 ರಿಂದ ಜಾಲತಾಣದಲ್ಲಿ ಪಡೆಯಬಹುದಾಗಿದೆ. ಅಂದಾಜು ಮೊತ್ತ ರೂ. 10.50 ಲಕ್ಷಗಳು. ಟೆಂಡರ್ ನಿಯಮ, ಷರತ್ತು ಹಾಗೂ ವಿವರವಾದ ಮಾಹಿತಿಯನ್ನು ಜಾಲತಾಣದಲ್ಲಿ ನೋಡಬಹುದು.

ಟೆಂಡರ್ ಸಲ್ಲಿಸಲು ಕೊನೆಯ ದಿನಾಂಕ 26-03-2026 ರಂದು ಬೆಳಿಗ್ಗೆ 10.30 ಗಂಟೆ. ಇ.ಎಂ.ಡಿ. ಮೊತ್ತವನ್ನು ಜಾಲತಾಣದ ಮೂಲಕವೇ ಪಾವತಿಸತಕ್ಕದ್ದು. ತಾಂತ್ರಿಕ ತೊಂದರೆಗಳಿಗೆ support@eprochelpdesk.com ಇ-ಮೇಲ್ ಅಥವಾ ದೂ.ಸಂ: 080-23332763 ಗೆ ಸಂಪರ್ಕಿಸಬಹುದು. ಹೆಚ್ಚಿನ ಮಾಹಿತಿಗೆ ಕಚೇರಿ ವೇಳೆಯಲ್ಲಿ ಆಡಳಿತ ಕಚೇರಿ, ಜಿಕೆವಿಕೆ, ಬೆಂಗಳೂರು ಇಲ್ಲಿ ಸಂಪರ್ಕಿಸುವುದು. ದೂ.ಸಂ: 8069469777.

ಡಿಐಪಿಆರ್/8924/ಕೆಎಸ್ಎಂಸಿಎ/2025-26	ಸಹಿ/- ಆಡಳಿತಾಧಿಕಾರಿ
ಕರ್ನಾಟಕ ನೀರಾವರಿ ನಿಗಮ ನಿಯಮಿತ
ಕಾರ್ಯಪಾಲಕ ಅಭಿಯಂತರರ ಕಚೇರಿ, ಕೆ.ನಿ.ನಿ., ಭದ್ರಾ ಯೋಜನಾ ವಿಭಾಗ, ಮ.ಬ.ದ. ಕಾಲುವೆ ನಂ.1, ಸಗರ ಬಡಾವಣೆ, ಗದಗ
Tel No. 08377-244236 e-mail : knnlestablishment@gmail.com
ಸಂಖ್ಯೆ: ಕೆನಿನಿ/ಕಾಅ/ಭಯೋವಿ/ಕಾಲುವೆ-1/ಟಿಎನ್‌ಡಿ/2025-26/1697	ದಿನಾಂಕ : 02-03-2026
ಅಲ್ಪಾವಧಿ ಟೆಂಡರ್ ಪ್ರಕಟಣೆ

ಭದ್ರಾ ಯೋಜನಾ ವಿಭಾಗದ ವ್ಯಾಪ್ತಿಯಲ್ಲಿ ಬರುವ ಕಾಲುವೆ ಜಾಲದ ನಿರ್ವಹಣೆ ಹಾಗೂ ದುರಸ್ತಿ ಕಾಮಗಾರಿಗಳಿಗೆ (KW-1) ಅರ್ಹ ನೋಂದಾಯಿತ ಗುತ್ತಿಗೆದಾರರಿಂದ ಇ-ಪ್ರೊಕ್ಯೂರ್‌ಮೆಂಟ್ ಮೂಲಕ ಅಲ್ಪಾವಧಿ ಟೆಂಡರ್ ಆಹ್ವಾನಿಸಲಾಗಿದೆ. ಒಟ್ಟು ಕಾಮಗಾರಿಗಳ ಸಂಖ್ಯೆ: 12. ಕಾಮಗಾರಿಗಳ ವಿವರ: (1) ಕಾಲುವೆ ಹೂಳು ತೆಗೆಯುವುದು - 7 ಕಾಮಗಾರಿಗಳು (2) ಕಾಲುವೆ ಏರಿ ದುರಸ್ತಿ - 2 ಕಾಮಗಾರಿಗಳು (3) ರಚನೆಗಳ ದುರಸ್ತಿ - 3 ಕಾಮಗಾರಿಗಳು (4) ಗೇಟ್ ದುರಸ್ತಿ (5) ಸೇತುವೆ ದುರಸ್ತಿ.

ಅಂದಾಜು ಮೊತ್ತ ರೂ. 1200.00 ರಿಂದ ರೂ. 24100.00 ವರೆಗೆ (ಸಾವಿರಗಳಲ್ಲಿ). ಟೆಂಡರ್ ಸಲ್ಲಿಸಲು ಕೊನೆಯ ದಿನಾಂಕ: 07-03-2026 ರಂದು ಸಂಜೆ 4.00 ಗಂಟೆ. ಟೆಂಡರ್ ತೆರೆಯುವ ದಿನಾಂಕ: 09-03-2026 ರಂದು ಬೆಳಿಗ್ಗೆ 11.00 ಗಂಟೆ. ಟೆಂಡರ್ ವಿವರಗಳನ್ನು ಇ-ಪ್ರೊಕ್ಯೂರ್‌ಮೆಂಟ್ ಜಾಲತಾಣ KPPP.karnataka.gov.in ನಲ್ಲಿ ಪಡೆಯಬಹುದು. ಹೆಚ್ಚಿನ ಮಾಹಿತಿಗೆ ದೂ: 08377-244236 ಸಂಪರ್ಕಿಸುವುದು.

ಸಂಖ್ಯೆ:ಕೆನಿನಿ/ಕಾಅಇ/2025-26/664	ಸಹಿ/- ಕಾರ್ಯಪಾಲಕ ಅಭಿಯಂತರರು, ಭದ್ರಾ ಯೋಜನಾ ವಿಭಾಗ, ಗದಗ
ಕೇರಳ ರಾಜ್ಯ ಲಾಟರಿ ಫಲಿತಾಂಶ ವಿವರ ಪ್ರಕಟ
ತಿರುವನಂತಪುರ: ಕೇರಳ ರಾಜ್ಯ ಲಾಟರಿಯ ಭಾಗ್ಯರತ್ನ (ಬಿಆರ್-43)
ಮೊ. ಮಾರ್ಚ್ 2ರಂದು ನಡೆದ ಡ್ರಾ ಫಲಿತಾಂಶ ಈ ಕೆಳಗಿನಂತಿದೆ.
1st Prize Rs.1,00,00,000/- [1 Crore]
BG 177692 (MALAPPURAM)
Consolation Prize Rs.5,000/-
BA 177692 BB 177692 BC 177692 BD 177692 BE 177692 BF 177692 BH 177692 BJ 177692
2nd Prize Rs.30,00,000/- [30 Lakhs]
BD 682990 (PATHANAMTHITTA)
3rd Prize Rs.5,00,000/- [5 Lakhs]
BG 741300 (ATTINGAL)
FOR THE TICKETS ENDING WITH THE FOLLOWING NUMBERS
4th Prize Rs.5,000/-
0360 1299 2186 3032 4043 4203 4227 4342 5019 5184 5888 6000 6796 6956 8075 8894 9268 9324 9488
5th Prize Rs.2,000/-
0381 0647 0864 2202 7060 9295
6th Prize Rs.1,000/-
0335 0386 0816 1166 2206 2247 2798 3022 3800 4080 4510 4564 4944 5340 6142 6553 6659 6999 6993 7268 7678 7952 8453 9863 9870
7th Prize Rs.500/-
0228 0292 0343 0355 0569 0618 0638 0662 0712 0888 0929 1099 1252 1349 1519 1577 1632 1735 1756 2087 2333 2376 2474 2561 2867 3023 3063 3380 3420 3441 3582 3620 3634 3707 3780 3848 4223 4400 4691 4701 4778 4989 5363 5740 6048 6325 6489 6721 7163 7452 6052 6405 6682 6807 6933 7499 7799 7873 8134 8140 8237 8600 9352 9685 9749 9830
8th Prize Rs.200/-
0025 0345 0396 0483 0528 0563 0686 0733 0805 0830 1173 1298 1344 1423 1628 1969 1987 2017 2037 2066 2086 2383 2670 2958 3011 3117 3122 3402 3700 3745 3863 3931 4141 4267 4677 4727 4738 4638 4844 4895 5018 5085 5364 5441 5627 5899 6019 6729 6984 7041 7098 7229 7273 7511 7532 7535 7618 7666 7011 8167 8275 8330 8355 8442 8588 8615 8737 8989 8445 9539 9747 9822 9877 9942
9th Prize Rs.100/-
0098 0104 0151 0297 0316 0319 0549 0653 0680 0710 1546 1619 1715 1838 1890 1948 2002 2008 2130 2644 2717 2827 2937 2955 2965 2975 2999 3024 3080 3147 3340 3412 3449 3563 3609 3678 3742 3787 3805 3914 4052 4129 4186 4247 4316 4425 4483 4567 4621 4704 4998 5119 5234 5313 5341 5427 5465 5546 5667 5875 6008 6020 6073 6258 6281 6421 6514 6631 6701 6812 6893 7014 7193 7257 7334 7352 7384 7413 7534 7623 7657 7686 7690 7774 7982 8064 8123 8171 8213 8345 8427 8536 8669 8829 8878 9055 9138 9224 9262 9313 9361 9381 9474 9636 9679 9705 9729 9747 9868 9892 9961
